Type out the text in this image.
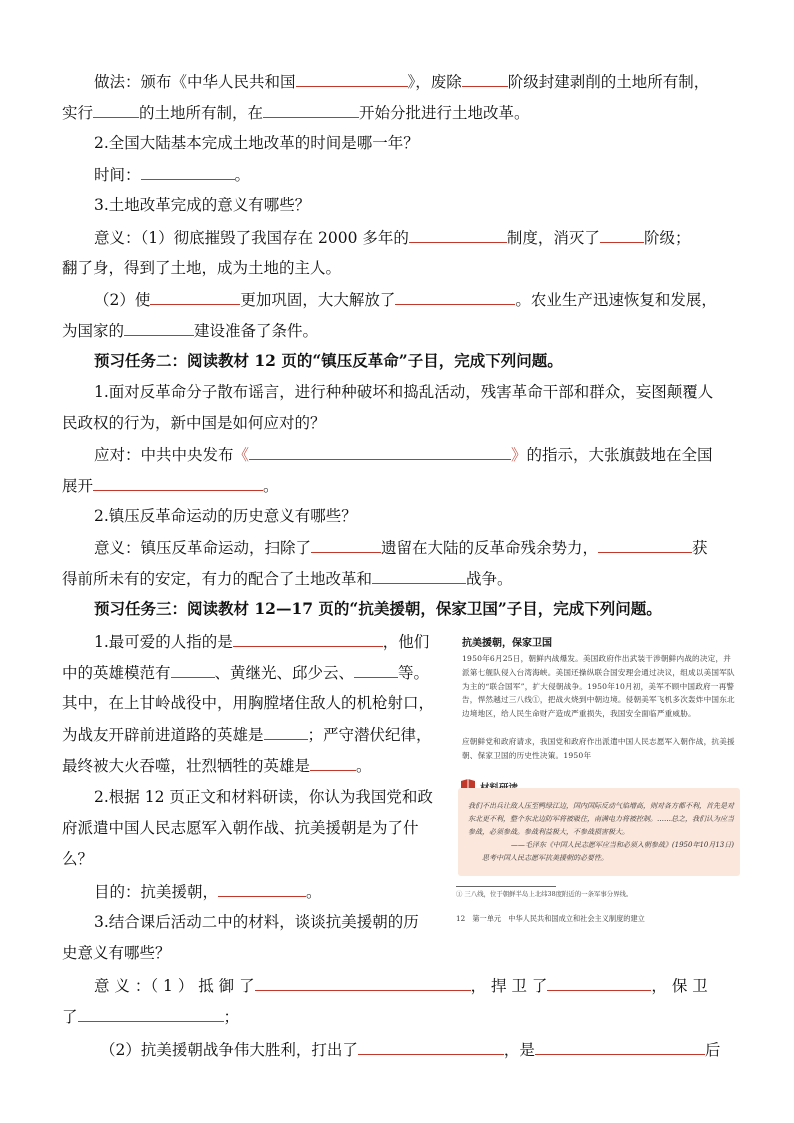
做法：颁布《中华人民共和国	》，废除	阶级封建剥削的土地所有制，
实行	的土地所有制，在	开始分批进行土地改革。
2.全国大陆基本完成土地改革的时间是哪一年？
时间：	。
3.土地改革完成的意义有哪些？
意义：（1）彻底摧毁了我国存在 2000 多年的	制度，消灭了	阶级；
翻了身，得到了土地，成为土地的主人。
（2）使	更加巩固，大大解放了	。农业生产迅速恢复和发展，
为国家的	建设准备了条件。
预习任务二：阅读教材 12 页的“镇压反革命”子目，完成下列问题。
1.面对反革命分子散布谣言，进行种种破坏和捣乱活动，残害革命干部和群众，妄图颠覆人
民政权的行为，新中国是如何应对的？
应对：中共中央发布《	》的指示，大张旗鼓地在全国
展开	。
2.镇压反革命运动的历史意义有哪些？
意义：镇压反革命运动，扫除了	遗留在大陆的反革命残余势力，	获
得前所未有的安定，有力的配合了土地改革和	战争。
预习任务三：阅读教材 12—17 页的“抗美援朝，保家卫国”子目，完成下列问题。
1.最可爱的人指的是	，他们
中的英雄模范有	、黄继光、邱少云、	等。
其中，在上甘岭战役中，用胸膛堵住敌人的机枪射口，
为战友开辟前进道路的英雄是	；严守潜伏纪律，
最终被大火吞噬，壮烈牺牲的英雄是	。
2.根据 12 页正文和材料研读，你认为我国党和政
府派遣中国人民志愿军入朝作战、抗美援朝是为了什
么？
目的：抗美援朝，	。
3.结合课后活动二中的材料，谈谈抗美援朝的历
史意义有哪些？
意 义 ：（ 1 ） 抵 御 了	， 捍 卫 了	， 保 卫
了	；
（2）抗美援朝战争伟大胜利，打出了	，是	后
抗美援朝，保家卫国
1950年6月25日，朝鲜内战爆发。美国政府作出武装干涉朝鲜内战的决定，并派第七舰队侵入台湾海峡。美国还操纵联合国安理会通过决议，组成以美国军队为主的“联合国军”，扩大侵朝战争。1950年10月初，美军不顾中国政府一再警告，悍然越过三八线①，把战火烧到中朝边境。侵朝美军飞机多次轰炸中国东北边境地区，给人民生命财产造成严重损失，我国安全面临严重威胁。
应朝鲜党和政府请求，我国党和政府作出派遣中国人民志愿军入朝作战，抗美援朝、保家卫国的历史性决策。1950年
我们不出兵让敌人压至鸭绿江边，国内国际反动气焰增高，则对各方都不利，首先是对东北更不利，整个东北边防军将被吸住，南满电力将被控制。……总之，我们认为应当参战，必须参战。参战利益极大，不参战损害极大。
——毛泽东《中国人民志愿军应当和必须入朝参战》(1950年10月13日)
思考中国人民志愿军抗美援朝的必要性。
① 三八线，位于朝鲜半岛上北纬38度附近的一条军事分界线。
12　第一单元　中华人民共和国成立和社会主义制度的建立
